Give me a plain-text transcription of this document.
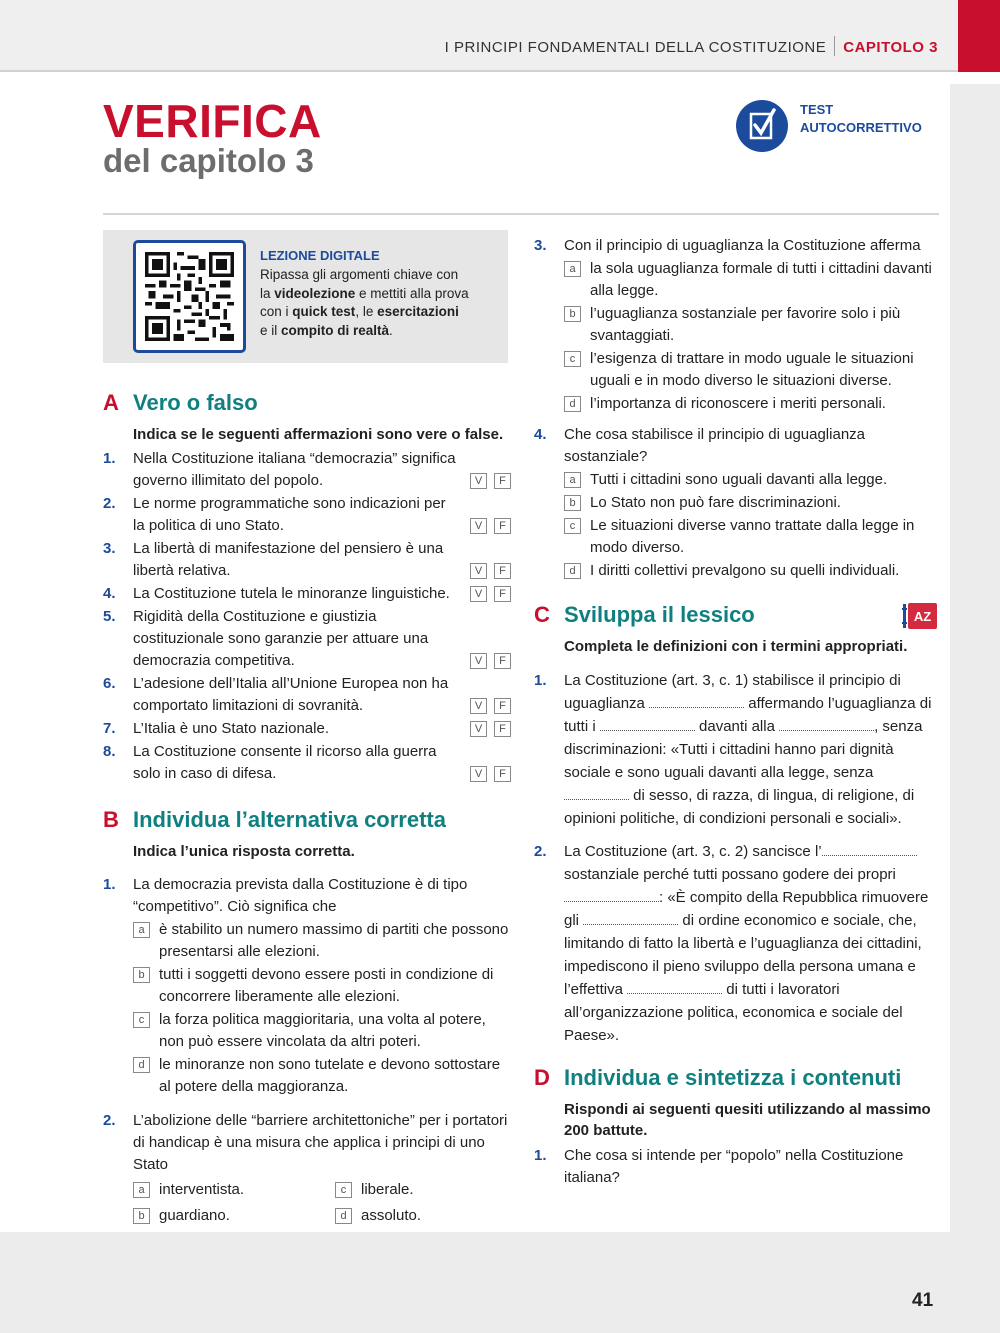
I PRINCIPI FONDAMENTALI DELLA COSTITUZIONE CAPITOLO 3
VERIFICA
del capitolo 3
TEST
AUTOCORRETTIVO
LEZIONE DIGITALE
Ripassa gli argomenti chiave con
la videolezione e mettiti alla prova
con i quick test, le esercitazioni
e il compito di realtà.
A Vero o falso
Indica se le seguenti affermazioni sono vere o false.
1. Nella Costituzione italiana “democrazia” significa governo illimitato del popolo.	V	F
2. Le norme programmatiche sono indicazioni per la politica di uno Stato.	V	F
3. La libertà di manifestazione del pensiero è una libertà relativa.	V	F
4. La Costituzione tutela le minoranze linguistiche.	V	F
5. Rigidità della Costituzione e giustizia costituzionale sono garanzie per attuare una democrazia competitiva.	V	F
6. L’adesione dell’Italia all’Unione Europea non ha comportato limitazioni di sovranità.	V	F
7. L’Italia è uno Stato nazionale.	V	F
8. La Costituzione consente il ricorso alla guerra solo in caso di difesa.	V	F
B Individua l’alternativa corretta
Indica l’unica risposta corretta.
1. La democrazia prevista dalla Costituzione è di tipo “competitivo”. Ciò significa che
a è stabilito un numero massimo di partiti che possono presentarsi alle elezioni.
b tutti i soggetti devono essere posti in condizione di concorrere liberamente alle elezioni.
c la forza politica maggioritaria, una volta al potere, non può essere vincolata da altri poteri.
d le minoranze non sono tutelate e devono sottostare al potere della maggioranza.
2. L’abolizione delle “barriere architettoniche” per i portatori di handicap è una misura che applica i principi di uno Stato
a interventista.	c liberale.
b guardiano.	d assoluto.
3. Con il principio di uguaglianza la Costituzione afferma
a la sola uguaglianza formale di tutti i cittadini davanti alla legge.
b l’uguaglianza sostanziale per favorire solo i più svantaggiati.
c l’esigenza di trattare in modo uguale le situazioni uguali e in modo diverso le situazioni diverse.
d l’importanza di riconoscere i meriti personali.
4. Che cosa stabilisce il principio di uguaglianza sostanziale?
a Tutti i cittadini sono uguali davanti alla legge.
b Lo Stato non può fare discriminazioni.
c Le situazioni diverse vanno trattate dalla legge in modo diverso.
d I diritti collettivi prevalgono su quelli individuali.
C Sviluppa il lessico	AZ
Completa le definizioni con i termini appropriati.
1. La Costituzione (art. 3, c. 1) stabilisce il principio di uguaglianza	affermando l’uguaglianza di tutti i	davanti alla	, senza discriminazioni: «Tutti i cittadini hanno pari dignità sociale e sono uguali davanti alla legge, senza  di sesso, di razza, di lingua, di religione, di opinioni politiche, di condizioni personali e sociali».
2. La Costituzione (art. 3, c. 2) sancisce l’ sostanziale perché tutti possano godere dei propri : «È compito della Repubblica rimuovere gli	di ordine economico e sociale, che, limitando di fatto la libertà e l’uguaglianza dei cittadini, impediscono il pieno sviluppo della persona umana e l’effettiva	di tutti i lavoratori all’organizzazione politica, economica e sociale del Paese».
D Individua e sintetizza i contenuti
Rispondi ai seguenti quesiti utilizzando al massimo 200 battute.
1. Che cosa si intende per “popolo” nella Costituzione italiana?
41
